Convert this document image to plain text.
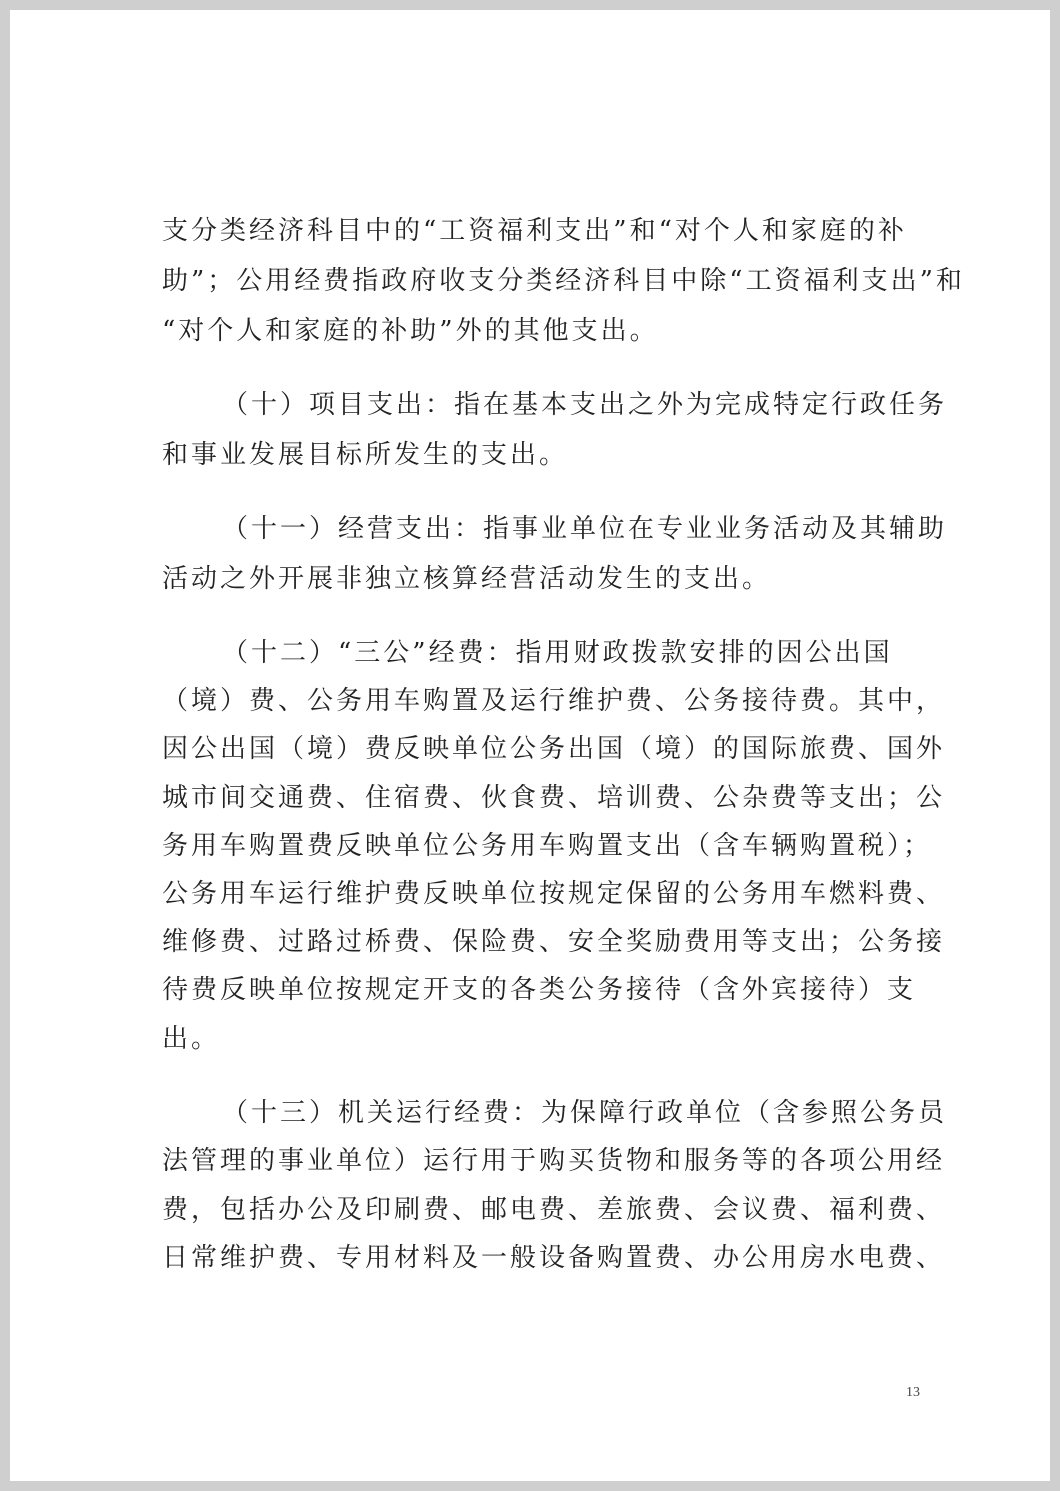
支分类经济科目中的“工资福利支出”和“对个人和家庭的补
助”；公用经费指政府收支分类经济科目中除“工资福利支出”和
“对个人和家庭的补助”外的其他支出。
（十）项目支出：指在基本支出之外为完成特定行政任务
和事业发展目标所发生的支出。
（十一）经营支出：指事业单位在专业业务活动及其辅助
活动之外开展非独立核算经营活动发生的支出。
（十二）“三公”经费：指用财政拨款安排的因公出国
（境）费、公务用车购置及运行维护费、公务接待费。其中，
因公出国（境）费反映单位公务出国（境）的国际旅费、国外
城市间交通费、住宿费、伙食费、培训费、公杂费等支出；公
务用车购置费反映单位公务用车购置支出（含车辆购置税）；
公务用车运行维护费反映单位按规定保留的公务用车燃料费、
维修费、过路过桥费、保险费、安全奖励费用等支出；公务接
待费反映单位按规定开支的各类公务接待（含外宾接待）支
出。
（十三）机关运行经费：为保障行政单位（含参照公务员
法管理的事业单位）运行用于购买货物和服务等的各项公用经
费，包括办公及印刷费、邮电费、差旅费、会议费、福利费、
日常维护费、专用材料及一般设备购置费、办公用房水电费、
13
